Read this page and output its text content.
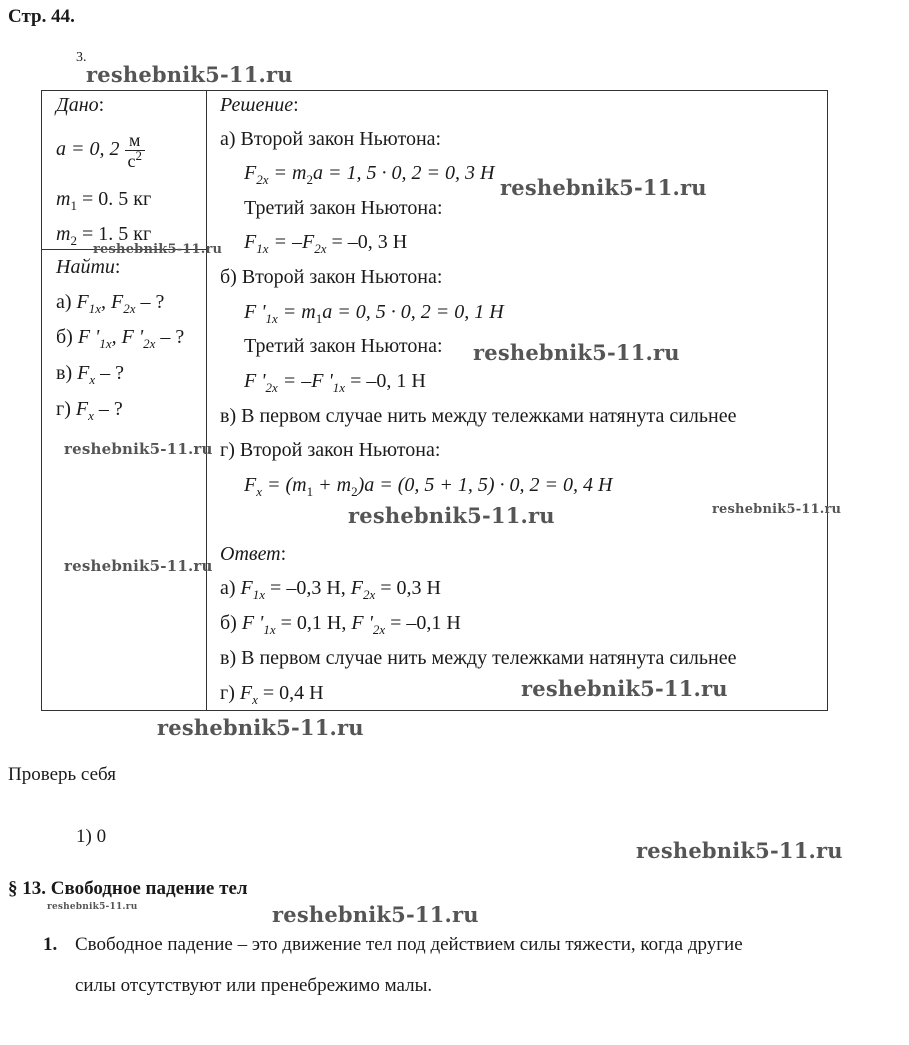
Стр. 44.
3.
Дано:
a = 0, $2 \frac{м}{с^2}$
$m_1 = 0$. 5 кг
$m_2 = 1$. 5 кг
Найти:
а) $F_{1x}$, $F_{2x}$ – ?
б) F '$_{1x}$, F '$_{2x}$ – ?
в) $F_x$ – ?
г) $F_x$ – ?
Решение:
а) Второй закон Ньютона:
$F_{2x} = m_2a = 1$, 5 · 0, 2 = 0, 3 Н
Третий закон Ньютона:
$F_{1x} = -F_{2x} = -0$, 3 Н
б) Второй закон Ньютона:
F '$_{1x} = m_1a = 0$, 5 · 0, 2 = 0, 1 Н
Третий закон Ньютона:
F '$_{2x} = -F$ '$_{1x} = -0$, 1 Н
в) В первом случае нить между тележками натянута сильнее
г) Второй закон Ньютона:
$F_x = (m_1 + m_2)a = (0$, 5 + 1, 5) · 0, 2 = 0, 4 Н
Ответ:
а) $F_{1x} = -0,3$ Н, $F_{2x} = 0,3$ Н
б) F '$_{1x} = 0,1$ Н, F '$_{2x} = -0,1$ Н
в) В первом случае нить между тележками натянута сильнее
г) $F_x = 0,4$ Н
Проверь себя
1) 0
§ 13. Свободное падение тел
1. Свободное падение – это движение тел под действием силы тяжести, когда другие
силы отсутствуют или пренебрежимо малы.
reshebnik5-11.ru
reshebnik5-11.ru
reshebnik5-11.ru
reshebnik5-11.ru
reshebnik5-11.ru
reshebnik5-11.ru
reshebnik5-11.ru
reshebnik5-11.ru
reshebnik5-11.ru
reshebnik5-11.ru
reshebnik5-11.ru
reshebnik5-11.ru	reshebnik5-11.ru
